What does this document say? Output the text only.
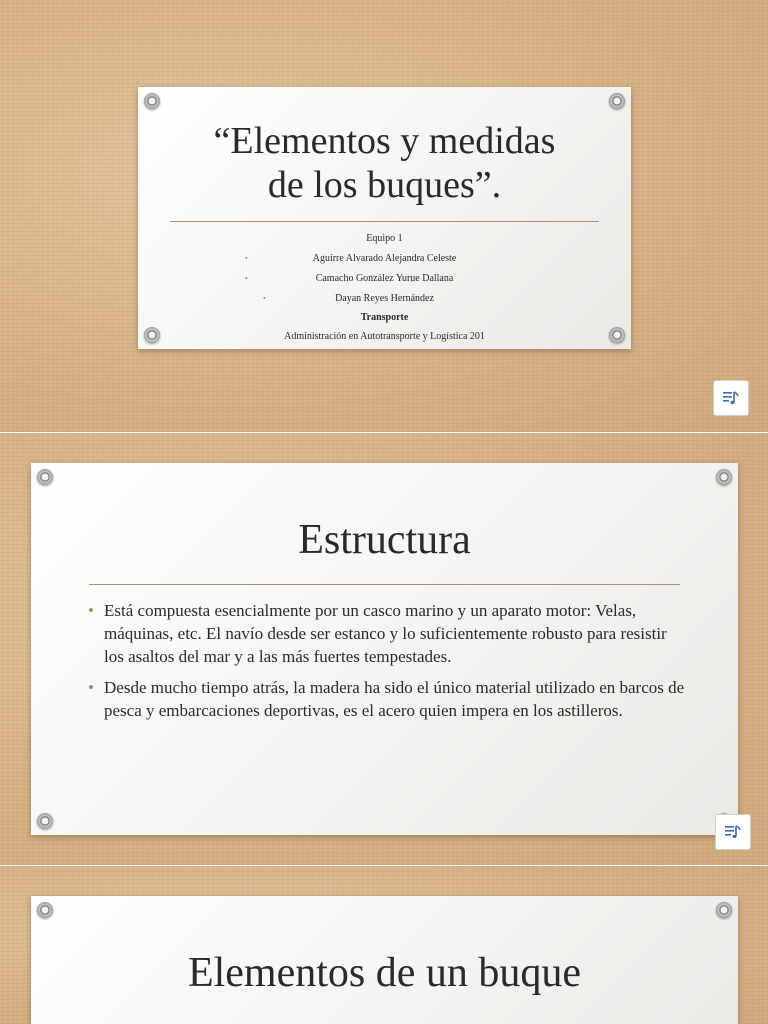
“Elementos y medidas
de los buques”.
Equipo 1
•	Aguirre Alvarado Alejandra Celeste
•	Camacho González Yurue Dallana
•	Dayan Reyes Hernández
Transporte
Administración en Autotransporte y Logística 201
Estructura
• Está compuesta esencialmente por un casco marino y un aparato motor: Velas, máquinas, etc. El navío desde ser estanco y lo suficientemente robusto para resistir los asaltos del mar y a las más fuertes tempestades.
• Desde mucho tiempo atrás, la madera ha sido el único material utilizado en barcos de pesca y embarcaciones deportivas, es el acero quien impera en los astilleros.
Elementos de un buque
